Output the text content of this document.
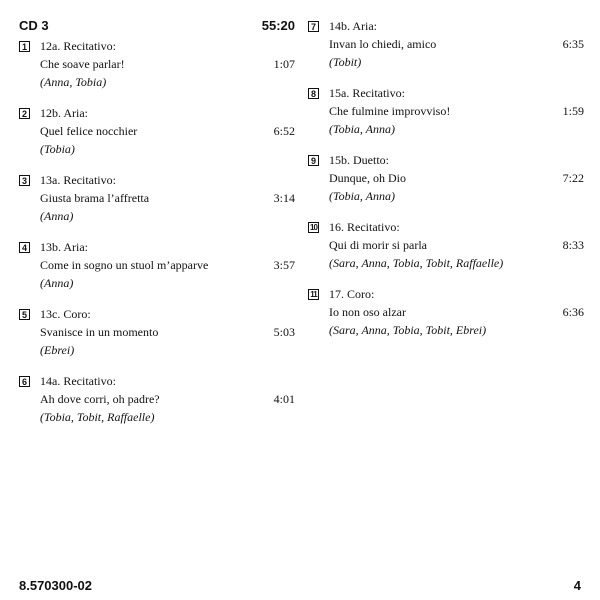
CD 3	55:20
1 12a. Recitativo:
Che soave parlar!
(Anna, Tobia)
1:07
2 12b. Aria:
Quel felice nocchier
(Tobia)
6:52
3 13a. Recitativo:
Giusta brama l’affretta
(Anna)
3:14
4 13b. Aria:
Come in sogno un stuol m’apparve
(Anna)
3:57
5 13c. Coro:
Svanisce in un momento
(Ebrei)
5:03
6 14a. Recitativo:
Ah dove corri, oh padre?
(Tobia, Tobit, Raffaelle)
4:01
7 14b. Aria:
Invan lo chiedi, amico
(Tobit)
6:35
8 15a. Recitativo:
Che fulmine improvviso!
(Tobia, Anna)
1:59
9 15b. Duetto:
Dunque, oh Dio
(Tobia, Anna)
7:22
10 16. Recitativo:
Qui di morir si parla
(Sara, Anna, Tobia, Tobit, Raffaelle)
8:33
11 17. Coro:
Io non oso alzar
(Sara, Anna, Tobia, Tobit, Ebrei)
6:36
8.570300-02	4
